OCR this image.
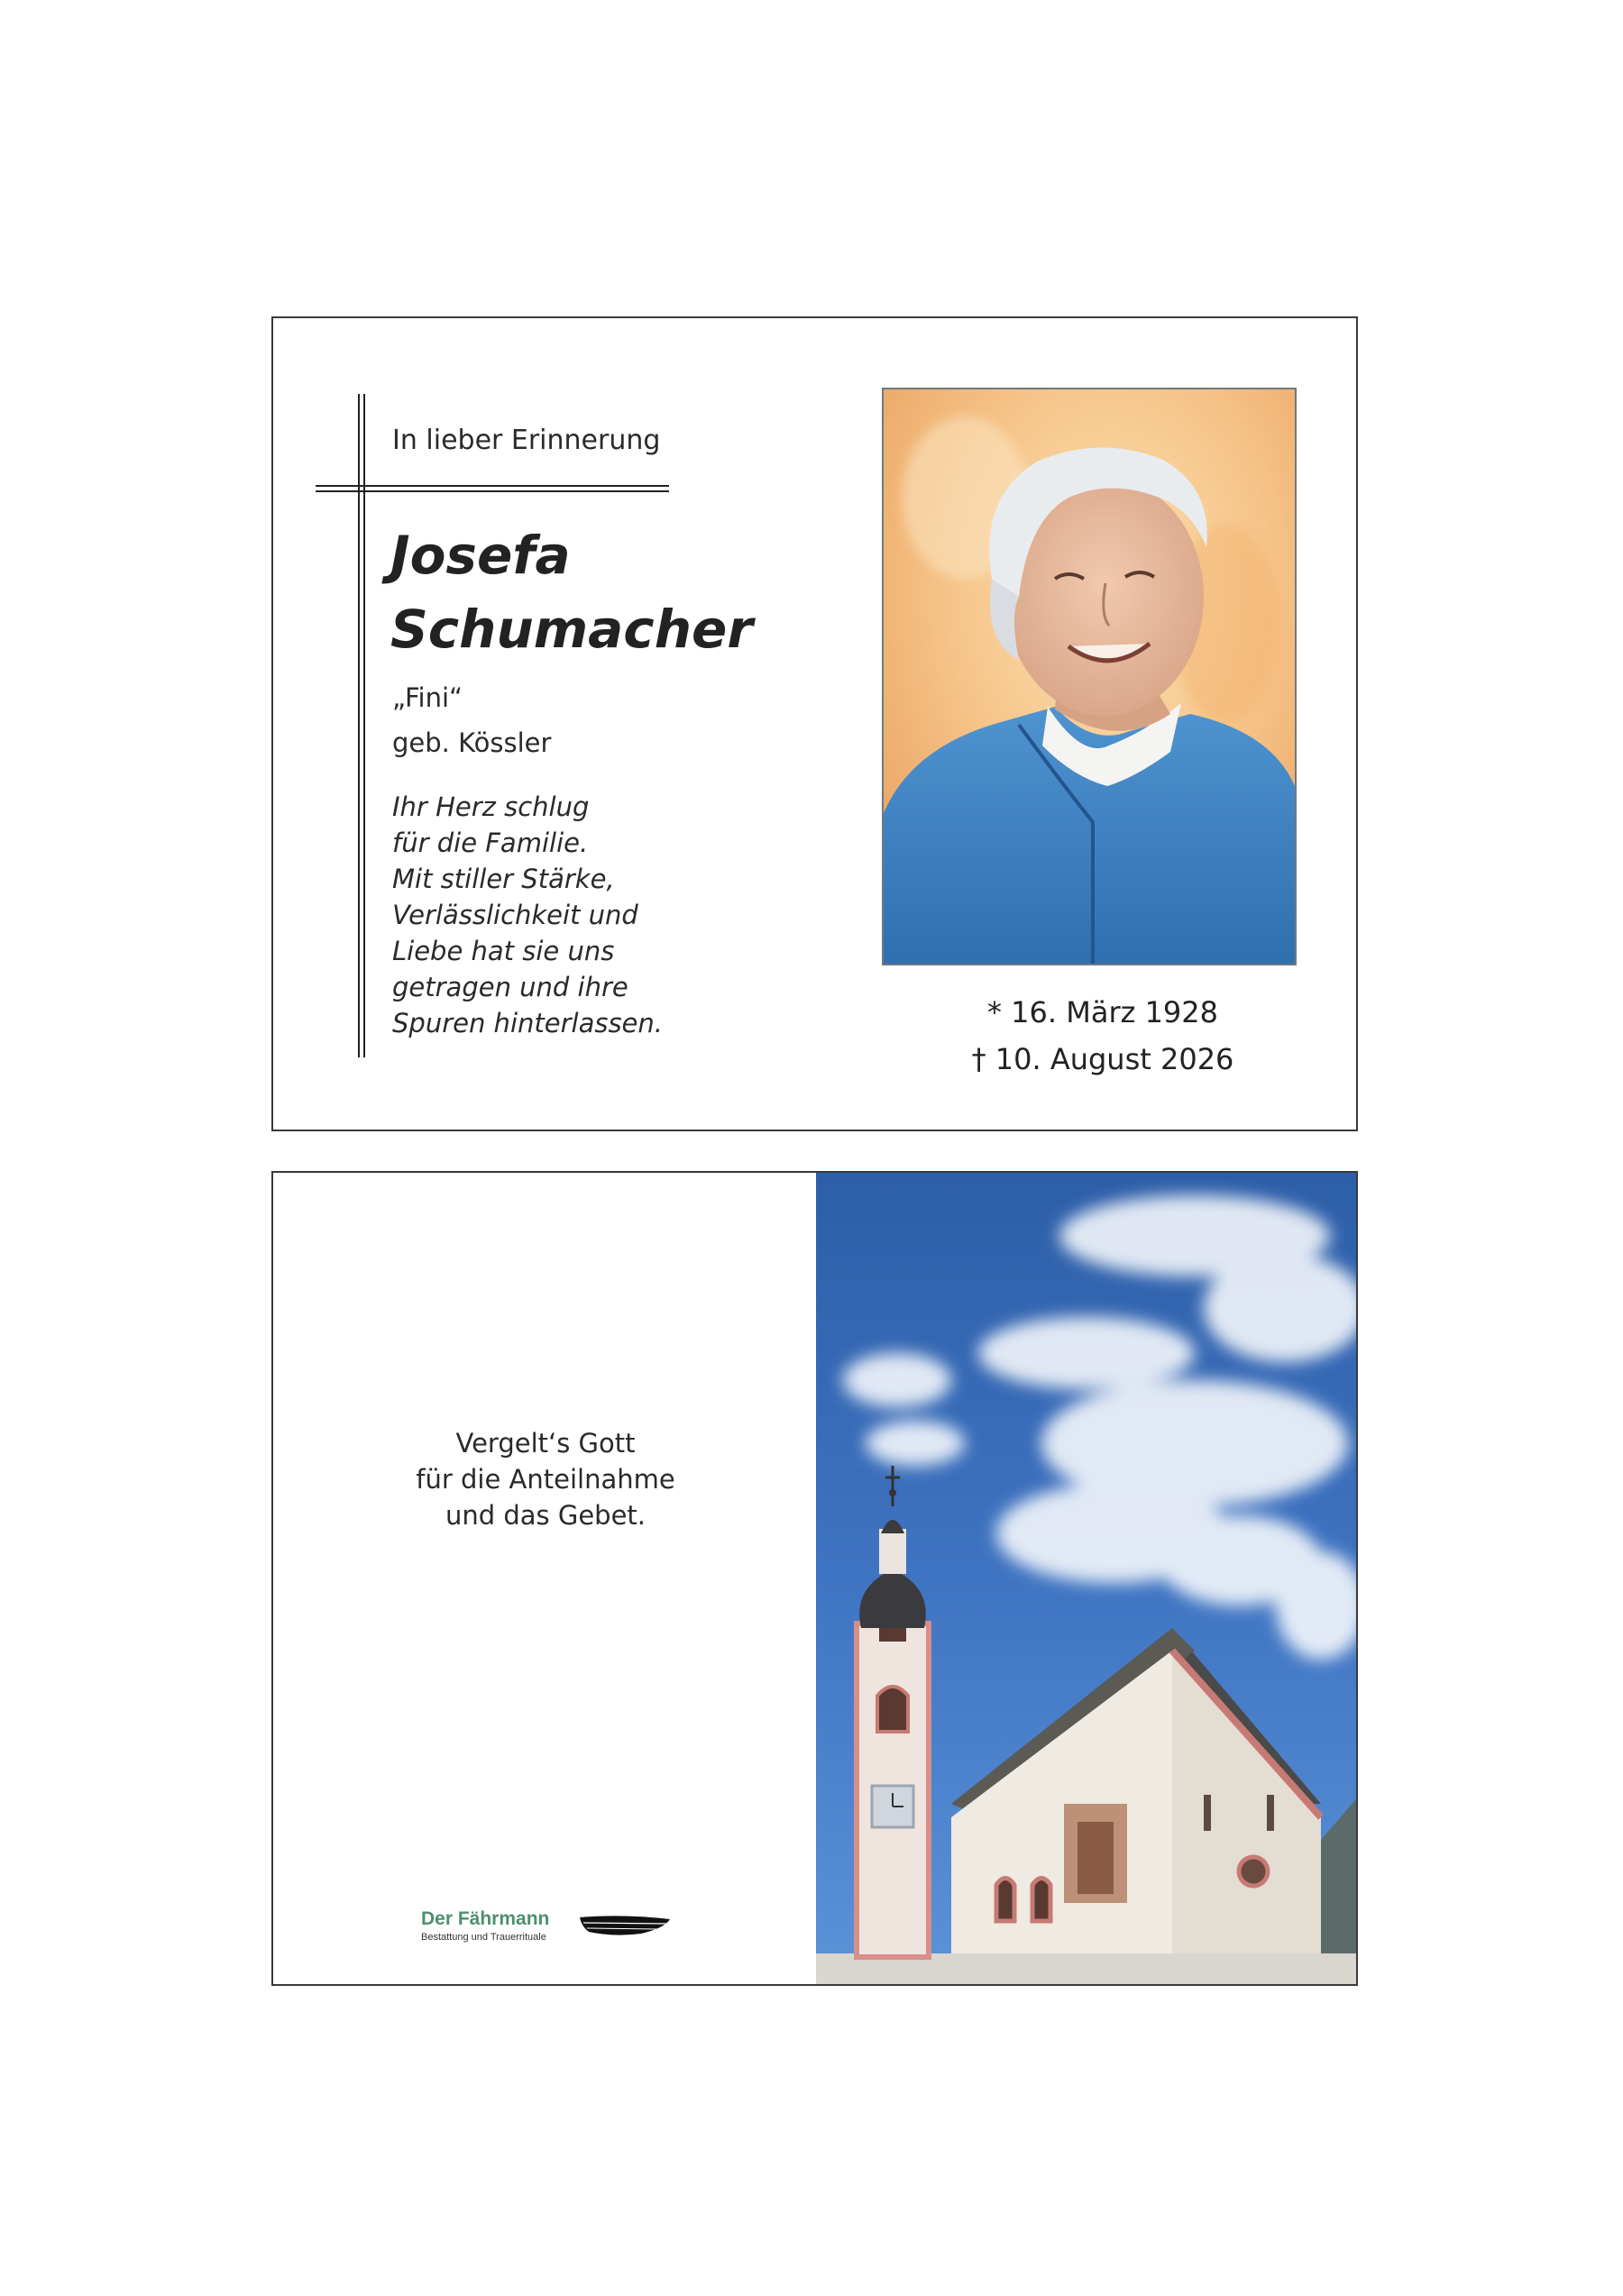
In lieber Erinnerung
Josefa
Schumacher
„Fini“
geb. Kössler
Ihr Herz schlug
für die Familie.
Mit stiller Stärke,
Verlässlichkeit und
Liebe hat sie uns
getragen und ihre
Spuren hinterlassen.	* 16. März 1928
† 10. August 2026
Vergelt‘s Gott
für die Anteilnahme
und das Gebet.
Der Fährmann
Bestattung und Trauerrituale
